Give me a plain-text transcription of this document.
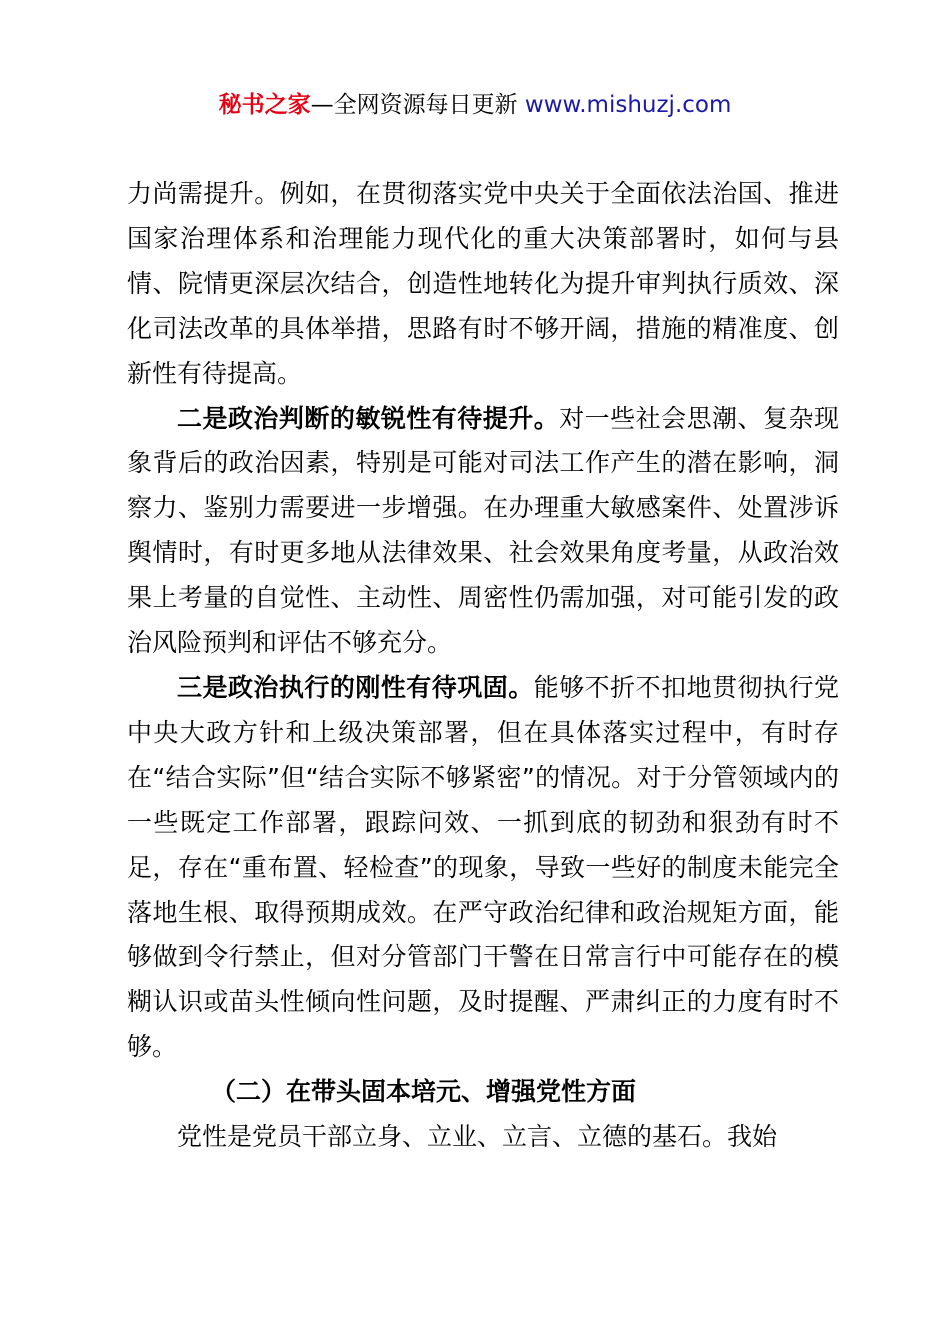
秘书之家—全网资源每日更新 www.mishuzj.com

力尚需提升。例如，在贯彻落实党中央关于全面依法治国、推进国家治理体系和治理能力现代化的重大决策部署时，如何与县情、院情更深层次结合，创造性地转化为提升审判执行质效、深化司法改革的具体举措，思路有时不够开阔，措施的精准度、创新性有待提高。

二是政治判断的敏锐性有待提升。对一些社会思潮、复杂现象背后的政治因素，特别是可能对司法工作产生的潜在影响，洞察力、鉴别力需要进一步增强。在办理重大敏感案件、处置涉诉舆情时，有时更多地从法律效果、社会效果角度考量，从政治效果上考量的自觉性、主动性、周密性仍需加强，对可能引发的政治风险预判和评估不够充分。

三是政治执行的刚性有待巩固。能够不折不扣地贯彻执行党中央大政方针和上级决策部署，但在具体落实过程中，有时存在“结合实际”但“结合实际不够紧密”的情况。对于分管领域内的一些既定工作部署，跟踪问效、一抓到底的韧劲和狠劲有时不足，存在“重布置、轻检查”的现象，导致一些好的制度未能完全落地生根、取得预期成效。在严守政治纪律和政治规矩方面，能够做到令行禁止，但对分管部门干警在日常言行中可能存在的模糊认识或苗头性倾向性问题，及时提醒、严肃纠正的力度有时不够。

（二）在带头固本培元、增强党性方面

党性是党员干部立身、立业、立言、立德的基石。我始
